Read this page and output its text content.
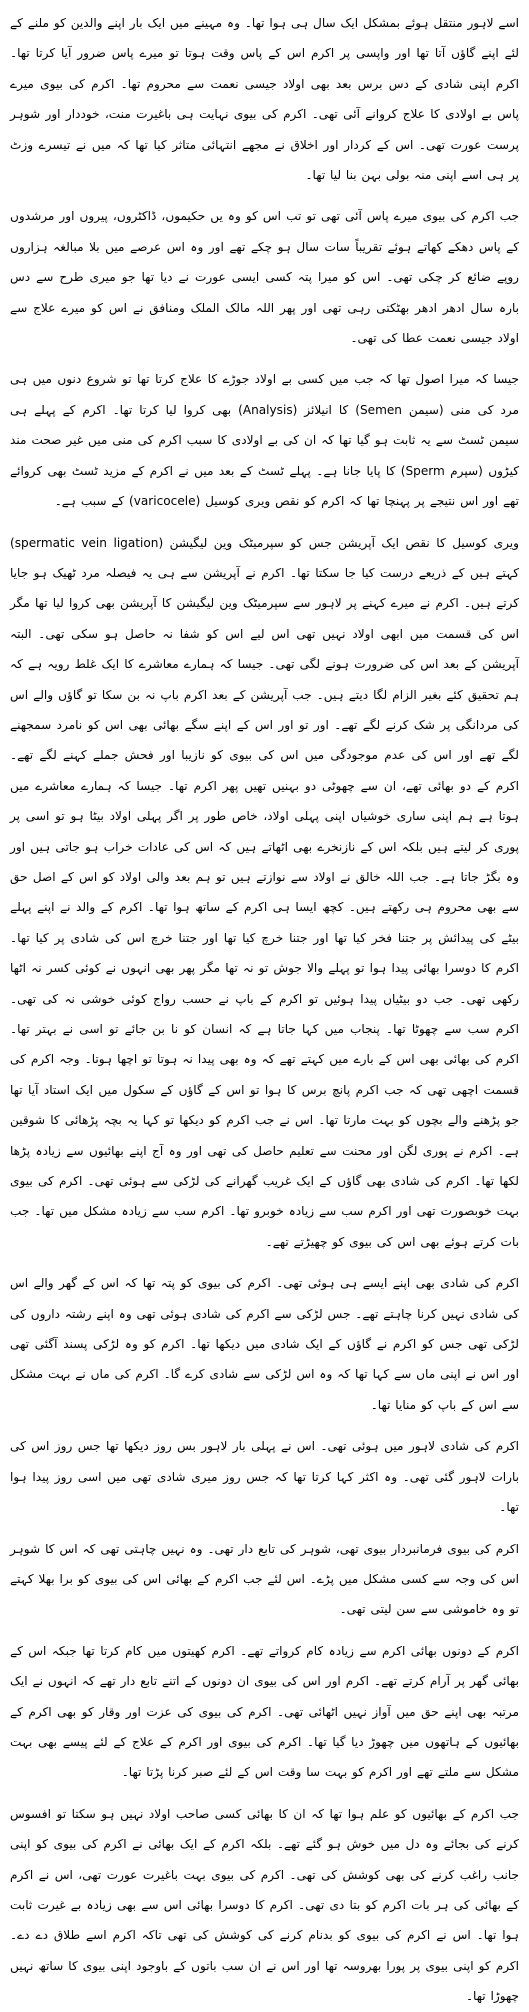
اسے لاہور منتقل ہوئے بمشکل ایک سال ہی ہوا تھا۔ وہ مہینے میں ایک بار اپنے والدین کو ملنے کے لئے اپنے گاؤں آتا تھا اور واپسی پر اکرم اس کے پاس وقت ہوتا تو میرے پاس ضرور آیا کرتا تھا۔ اکرم اپنی شادی کے دس برس بعد بھی اولاد جیسی نعمت سے محروم تھا۔ اکرم کی بیوی میرے پاس بے اولادی کا علاج کروانے آئی تھی۔ اکرم کی بیوی نہایت ہی باغیرت منت، خوددار اور شوہر پرست عورت تھی۔ اس کے کردار اور اخلاق نے مجھے انتہائی متاثر کیا تھا کہ میں نے تیسرے وزٹ پر ہی اسے اپنی منہ بولی بہن بنا لیا تھا۔

جب اکرم کی بیوی میرے پاس آئی تھی تو تب اس کو وہ یں حکیموں، ڈاکٹروں، پیروں اور مرشدوں کے پاس دھکے کھاتے ہوئے تقریباً سات سال ہو چکے تھے اور وہ اس عرصے میں بلا مبالغہ ہزاروں روپے ضائع کر چکی تھی۔ اس کو میرا پتہ کسی ایسی عورت نے دیا تھا جو میری طرح سے دس بارہ سال ادھر ادھر بھٹکتی رہی تھی اور پھر اللہ مالک الملک ومنافق نے اس کو میرے علاج سے اولاد جیسی نعمت عطا کی تھی۔

جیسا کہ میرا اصول تھا کہ جب میں کسی بے اولاد جوڑے کا علاج کرتا تھا تو شروع دنوں میں ہی مرد کی منی (سیمن Semen) کا انیلائز (Analysis) بھی کروا لیا کرتا تھا۔ اکرم کے پہلے ہی سیمن ٹسٹ سے یہ ثابت ہو گیا تھا کہ ان کی بے اولادی کا سبب اکرم کی منی میں غیر صحت مند کیڑوں (سپرم Sperm) کا پایا جانا ہے۔ پہلے ٹسٹ کے بعد میں نے اکرم کے مزید ٹسٹ بھی کروائے تھے اور اس نتیجے پر پہنچا تھا کہ اکرم کو نقص ویری کوسیل (varicocele) کے سبب ہے۔

ویری کوسیل کا نقص ایک آپریشن جس کو سپرمیٹک وین لیگیشن (spermatic vein ligation) کہتے ہیں کے ذریعے درست کیا جا سکتا تھا۔ اکرم نے آپریشن سے ہی یہ فیصلہ مرد ٹھیک ہو جایا کرتے ہیں۔ اکرم نے میرے کہنے پر لاہور سے سپرمیٹک وین لیگیشن کا آپریشن بھی کروا لیا تھا مگر اس کی قسمت میں ابھی اولاد نہیں تھی اس لیے اس کو شفا نہ حاصل ہو سکی تھی۔ البتہ آپریشن کے بعد اس کی ضرورت ہونے لگی تھی۔ جیسا کہ ہمارے معاشرے کا ایک غلط رویہ ہے کہ ہم تحقیق کئے بغیر الزام لگا دیتے ہیں۔ جب آپریشن کے بعد اکرم باپ نہ بن سکا تو گاؤں والے اس کی مردانگی پر شک کرنے لگے تھے۔ اور تو اور اس کے اپنے سگے بھائی بھی اس کو نامرد سمجھنے لگے تھے اور اس کی عدم موجودگی میں اس کی بیوی کو نازیبا اور فحش جملے کہنے لگے تھے۔ اکرم کے دو بھائی تھے، ان سے چھوٹی دو بہنیں تھیں پھر اکرم تھا۔ جیسا کہ ہمارے معاشرے میں ہوتا ہے ہم اپنی ساری خوشیاں اپنی پہلی اولاد، خاص طور پر اگر پہلی اولاد بیٹا ہو تو اسی پر پوری کر لیتے ہیں بلکہ اس کے نازنخرے بھی اٹھاتے ہیں کہ اس کی عادات خراب ہو جاتی ہیں اور وہ بگڑ جاتا ہے۔ جب اللہ خالق نے اولاد سے نوازتے ہیں تو ہم بعد والی اولاد کو اس کے اصل حق سے بھی محروم ہی رکھتے ہیں۔ کچھ ایسا ہی اکرم کے ساتھ ہوا تھا۔ اکرم کے والد نے اپنے پہلے بیٹے کی پیدائش پر جتنا فخر کیا تھا اور جتنا خرچ کیا تھا اور جتنا خرچ اس کی شادی پر کیا تھا۔ اکرم کا دوسرا بھائی پیدا ہوا تو پہلے والا جوش تو نہ تھا مگر پھر بھی انہوں نے کوئی کسر نہ اٹھا رکھی تھی۔ جب دو بیٹیاں پیدا ہوئیں تو اکرم کے باپ نے حسب رواج کوئی خوشی نہ کی تھی۔ اکرم سب سے چھوٹا تھا۔ پنجاب میں کہا جاتا ہے کہ انسان کو نا بن جائے تو اسی نے بہتر تھا۔ اکرم کی بھائی بھی اس کے بارے میں کہتے تھے کہ وہ بھی پیدا نہ ہوتا تو اچھا ہوتا۔ وجہ اکرم کی قسمت اچھی تھی کہ جب اکرم پانچ برس کا ہوا تو اس کے گاؤں کے سکول میں ایک استاد آیا تھا جو پڑھنے والے بچوں کو بہت مارتا تھا۔ اس نے جب اکرم کو دیکھا تو کہا یہ بچہ پڑھائی کا شوقین ہے۔ اکرم نے پوری لگن اور محنت سے تعلیم حاصل کی تھی اور وہ آج اپنے بھائیوں سے زیادہ پڑھا لکھا تھا۔ اکرم کی شادی بھی گاؤں کے ایک غریب گھرانے کی لڑکی سے ہوئی تھی۔ اکرم کی بیوی بہت خوبصورت تھی اور اکرم سب سے زیادہ خوبرو تھا۔ اکرم سب سے زیادہ مشکل میں تھا۔ جب بات کرتے ہوئے بھی اس کی بیوی کو چھیڑتے تھے۔

اکرم کی شادی بھی اپنے ایسے ہی ہوئی تھی۔ اکرم کی بیوی کو پتہ تھا کہ اس کے گھر والے اس کی شادی نہیں کرنا چاہتے تھے۔ جس لڑکی سے اکرم کی شادی ہوئی تھی وہ اپنے رشتہ داروں کی لڑکی تھی جس کو اکرم نے گاؤں کے ایک شادی میں دیکھا تھا۔ اکرم کو وہ لڑکی پسند آگئی تھی اور اس نے اپنی ماں سے کہا تھا کہ وہ اس لڑکی سے شادی کرے گا۔ اکرم کی ماں نے بہت مشکل سے اس کے باپ کو منایا تھا۔

اکرم کی شادی لاہور میں ہوئی تھی۔ اس نے پہلی بار لاہور بس روز دیکھا تھا جس روز اس کی بارات لاہور گئی تھی۔ وہ اکثر کہا کرتا تھا کہ جس روز میری شادی تھی میں اسی روز پیدا ہوا تھا۔

اکرم کی بیوی فرمانبردار بیوی تھی، شوہر کی تابع دار تھی۔ وہ نہیں چاہتی تھی کہ اس کا شوہر اس کی وجہ سے کسی مشکل میں پڑے۔ اس لئے جب اکرم کے بھائی اس کی بیوی کو برا بھلا کہتے تو وہ خاموشی سے سن لیتی تھی۔

اکرم کے دونوں بھائی اکرم سے زیادہ کام کرواتے تھے۔ اکرم کھیتوں میں کام کرتا تھا جبکہ اس کے بھائی گھر پر آرام کرتے تھے۔ اکرم اور اس کی بیوی ان دونوں کے اتنے تابع دار تھے کہ انہوں نے ایک مرتبہ بھی اپنے حق میں آواز نہیں اٹھائی تھی۔ اکرم کی بیوی کی عزت اور وقار کو بھی اکرم کے بھائیوں کے ہاتھوں میں چھوڑ دیا گیا تھا۔ اکرم کی بیوی اور اکرم کے علاج کے لئے پیسے بھی بہت مشکل سے ملتے تھے اور اکرم کو بہت سا وقت اس کے لئے صبر کرنا پڑتا تھا۔

جب اکرم کے بھائیوں کو علم ہوا تھا کہ ان کا بھائی کسی صاحب اولاد نہیں ہو سکتا تو افسوس کرنے کی بجائے وہ دل میں خوش ہو گئے تھے۔ بلکہ اکرم کے ایک بھائی نے اکرم کی بیوی کو اپنی جانب راغب کرنے کی بھی کوشش کی تھی۔ اکرم کی بیوی بہت باغیرت عورت تھی، اس نے اکرم کے بھائی کی ہر بات اکرم کو بتا دی تھی۔ اکرم کا دوسرا بھائی اس سے بھی زیادہ بے غیرت ثابت ہوا تھا۔ اس نے اکرم کی بیوی کو بدنام کرنے کی کوشش کی تھی تاکہ اکرم اسے طلاق دے دے۔ اکرم کو اپنی بیوی پر پورا بھروسہ تھا اور اس نے ان سب باتوں کے باوجود اپنی بیوی کا ساتھ نہیں چھوڑا تھا۔
